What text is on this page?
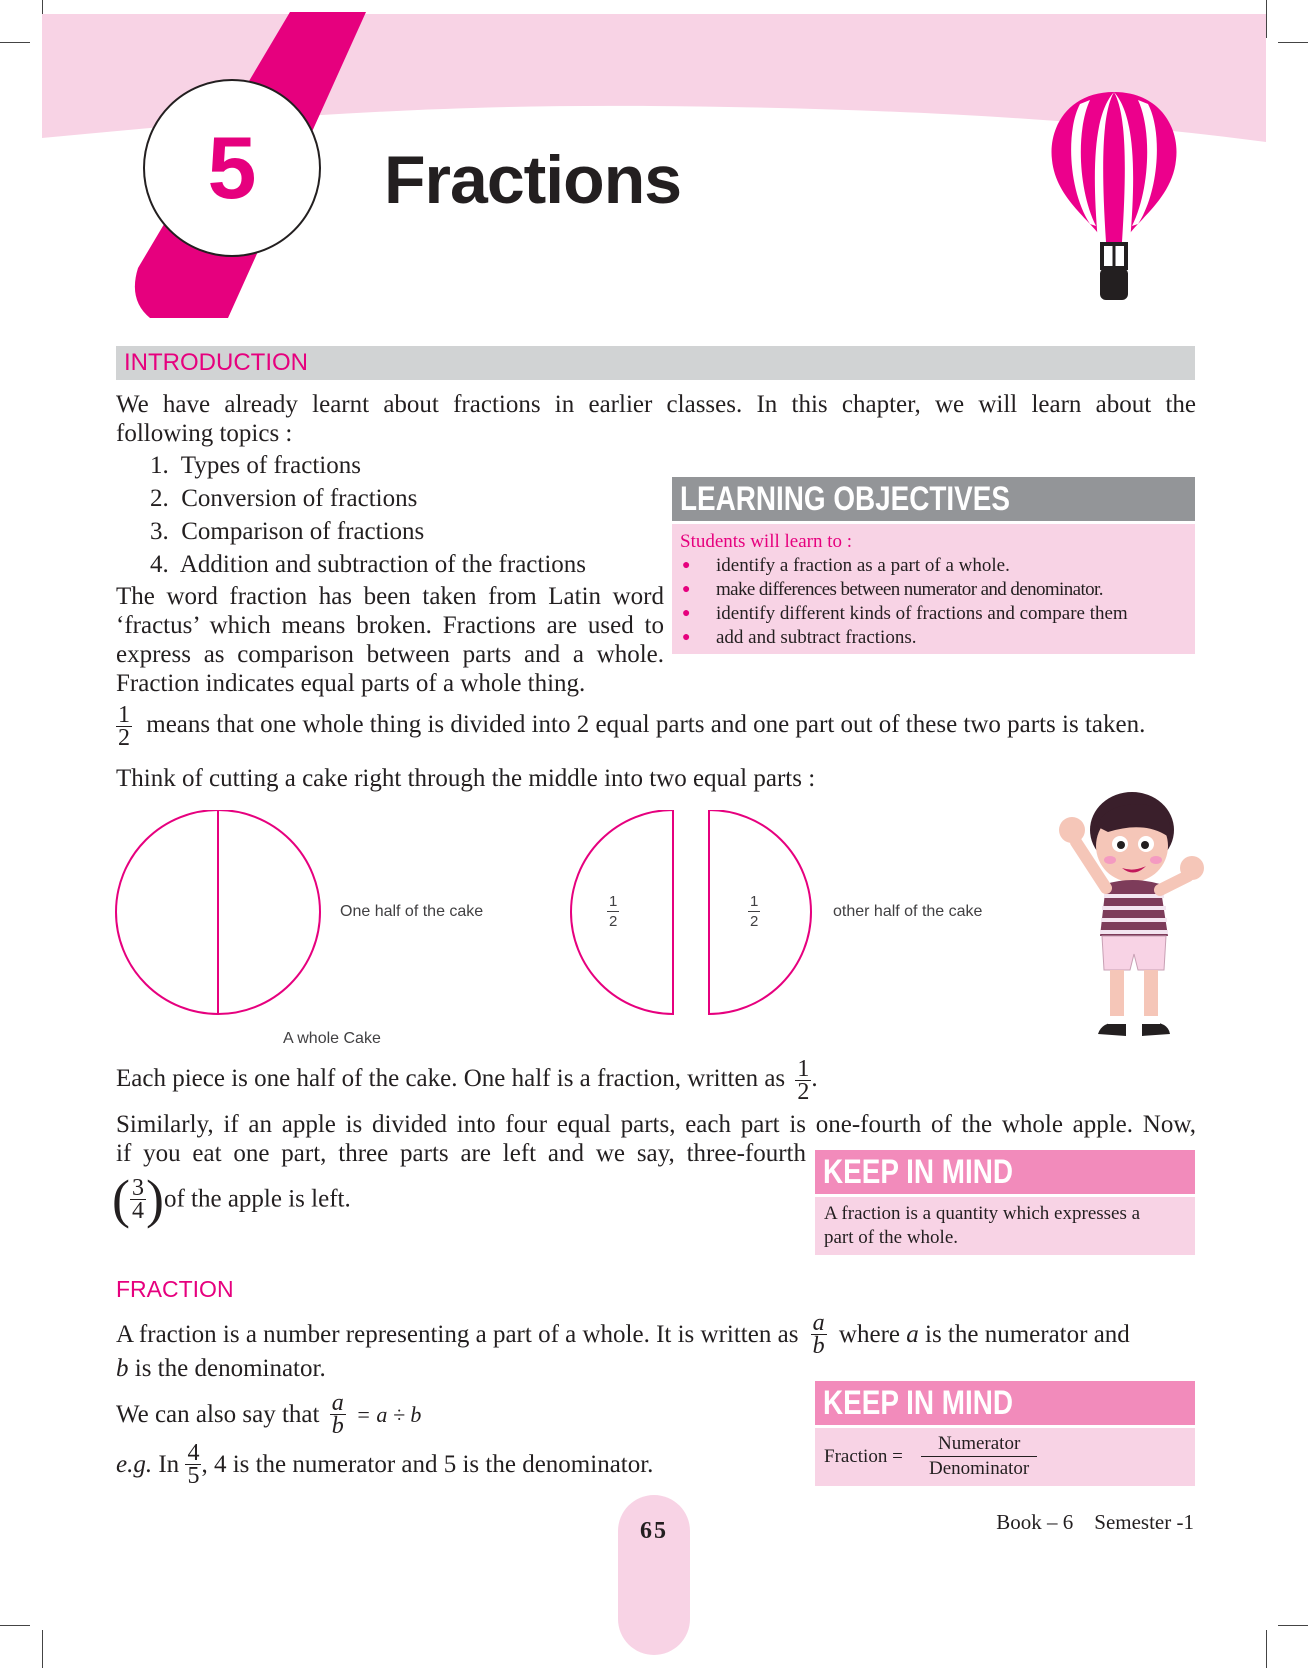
5	Fractions
INTRODUCTION
We have already learnt about fractions in earlier classes. In this chapter, we will learn about the
following topics :
1.  Types of fractions
2.  Conversion of fractions
3.  Comparison of fractions
4.  Addition and subtraction of the fractions
The word fraction has been taken from Latin word
‘fractus’ which means broken. Fractions are used to
express as comparison between parts and a whole.
Fraction indicates equal parts of a whole thing.
LEARNING OBJECTIVES
Students will learn to :
● identify a fraction as a part of a whole.
● make differences between numerator and denominator.
● identify different kinds of fractions and compare them
● add and subtract fractions.
$\frac{1}{2}$ means that one whole thing is divided into 2 equal parts and one part out of these two parts is taken.
Think of cutting a cake right through the middle into two equal parts :
One half of the cake
A whole Cake
other half of the cake
$\frac{1}{2}$	$\frac{1}{2}$
Each piece is one half of the cake. One half is a fraction, written as $\frac{1}{2}$ .
Similarly, if an apple is divided into four equal parts, each part is one-fourth of the whole apple. Now,
if you eat one part, three parts are left and we say, three-fourth
( $\frac{3}{4} )of$ the apple is left.
KEEP IN MIND
A fraction is a quantity which expresses a
part of the whole.
FRACTION
A fraction is a number representing a part of a whole. It is written as $\frac{a}{b}$ where a is the numerator and
b is the denominator.
We can also say that $\frac{a}{b} = a \div b$
e.g. In $\frac{4}{5}$ , 4 is the numerator and 5 is the denominator.
KEEP IN MIND
Fraction =
Numerator
Denominator
65	Book – 6    Semester -1
